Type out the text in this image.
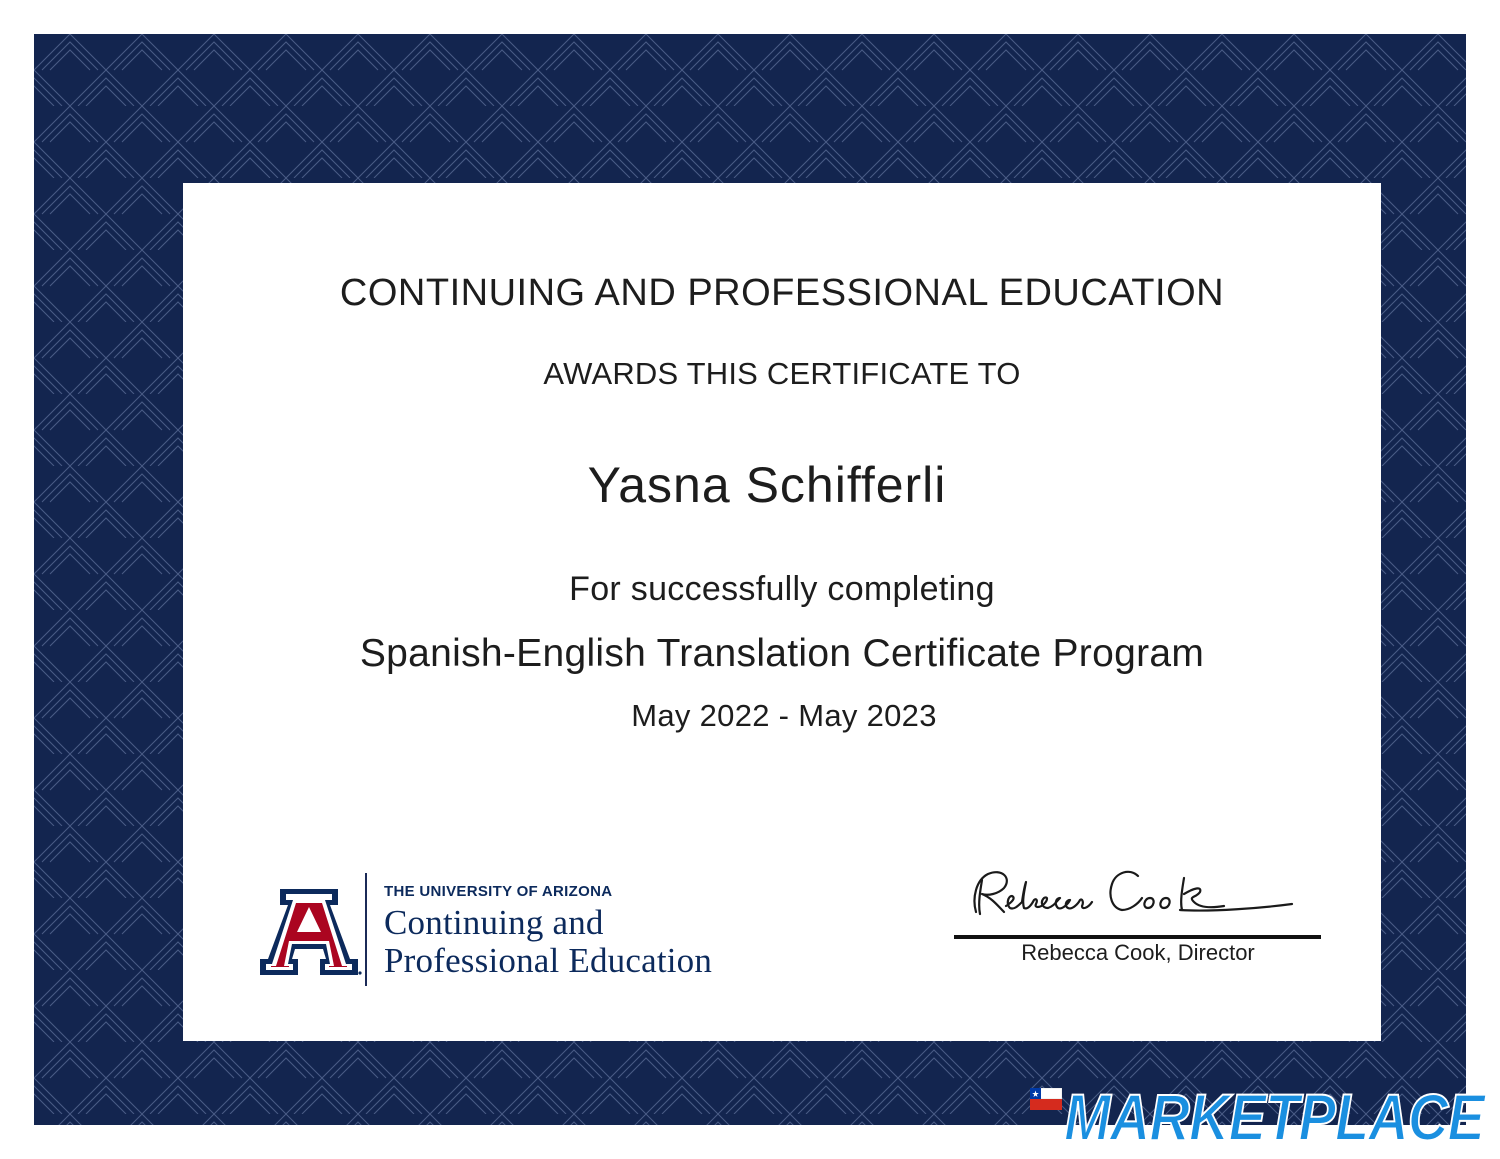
CONTINUING AND PROFESSIONAL EDUCATION
AWARDS THIS CERTIFICATE TO
Yasna Schifferli
For successfully completing
Spanish-English Translation Certificate Program
May 2022 - May 2023
THE UNIVERSITY OF ARIZONA
Continuing and
Professional Education	Rebecca Cook, Director
MARKETPLACE
